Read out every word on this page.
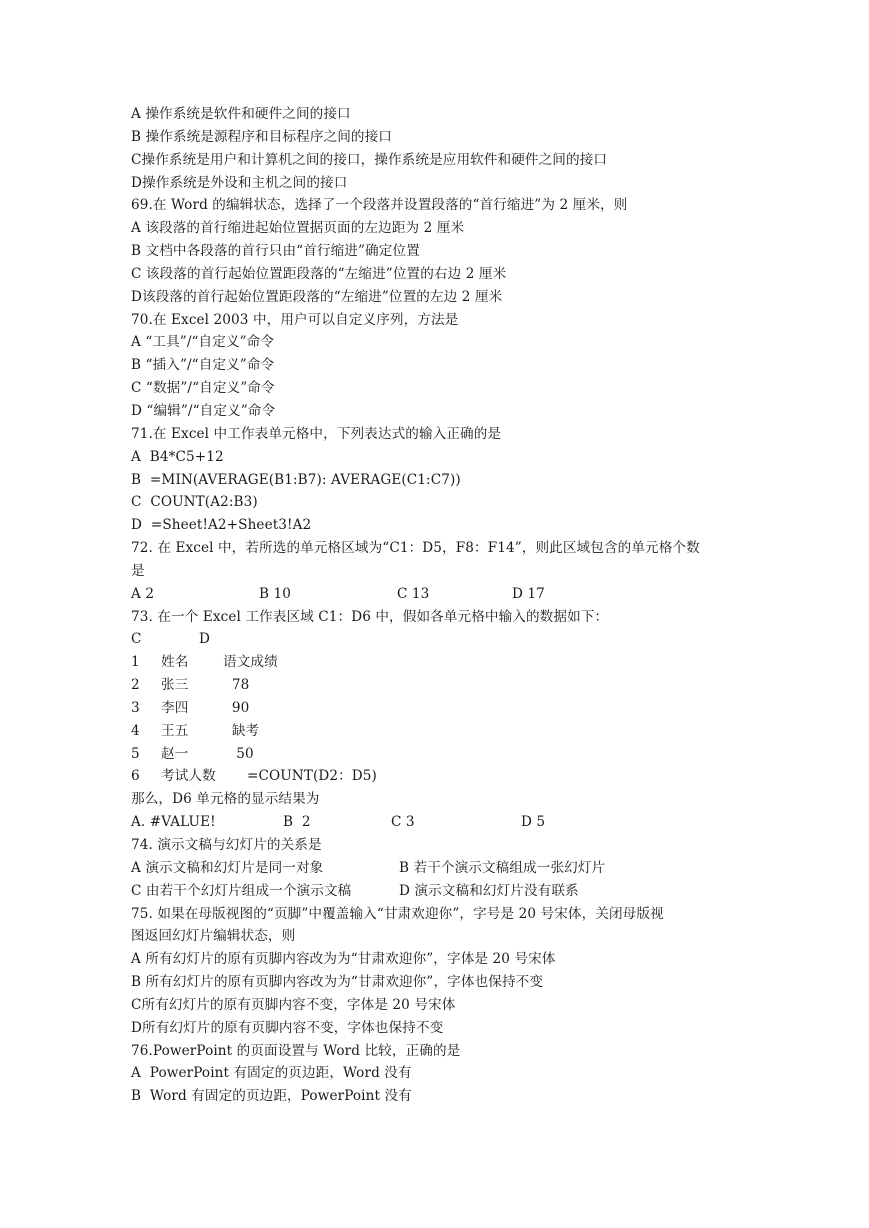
A 操作系统是软件和硬件之间的接口
B 操作系统是源程序和目标程序之间的接口
C操作系统是用户和计算机之间的接口，操作系统是应用软件和硬件之间的接口
D操作系统是外设和主机之间的接口
69.在 Word 的编辑状态，选择了一个段落并设置段落的“首行缩进”为 2 厘米，则
A 该段落的首行缩进起始位置据页面的左边距为 2 厘米
B 文档中各段落的首行只由“首行缩进”确定位置
C 该段落的首行起始位置距段落的“左缩进”位置的右边 2 厘米
D该段落的首行起始位置距段落的“左缩进”位置的左边 2 厘米
70.在 Excel 2003 中，用户可以自定义序列，方法是
A “工具”/“自定义”命令
B “插入”/“自定义”命令
C “数据”/“自定义”命令
D “编辑”/“自定义”命令
71.在 Excel 中工作表单元格中，下列表达式的输入正确的是
A  B4*C5+12
B  =MIN(AVERAGE(B1:B7): AVERAGE(C1:C7))
C  COUNT(A2:B3)
D  =Sheet!A2+Sheet3!A2
72. 在 Excel 中，若所选的单元格区域为“C1：D5，F8：F14”，则此区域包含的单元格个数
是
A 2	B 10	C 13	D 17
73. 在一个 Excel 工作表区域 C1：D6 中，假如各单元格中输入的数据如下：
C	D
1	姓名	语文成绩
2	张三	78
3	李四	90
4	王五	缺考
5	赵一	50
6	考试人数	=COUNT(D2：D5)
那么，D6 单元格的显示结果为
A. #VALUE!	B  2	C 3	D 5
74. 演示文稿与幻灯片的关系是
A 演示文稿和幻灯片是同一对象	B 若干个演示文稿组成一张幻灯片
C 由若干个幻灯片组成一个演示文稿	D 演示文稿和幻灯片没有联系
75. 如果在母版视图的“页脚”中覆盖输入“甘肃欢迎你”，字号是 20 号宋体，关闭母版视
图返回幻灯片编辑状态，则
A 所有幻灯片的原有页脚内容改为为“甘肃欢迎你”，字体是 20 号宋体
B 所有幻灯片的原有页脚内容改为为“甘肃欢迎你”，字体也保持不变
C所有幻灯片的原有页脚内容不变，字体是 20 号宋体
D所有幻灯片的原有页脚内容不变，字体也保持不变
76.PowerPoint 的页面设置与 Word 比较，正确的是
A  PowerPoint 有固定的页边距，Word 没有
B  Word 有固定的页边距，PowerPoint 没有
